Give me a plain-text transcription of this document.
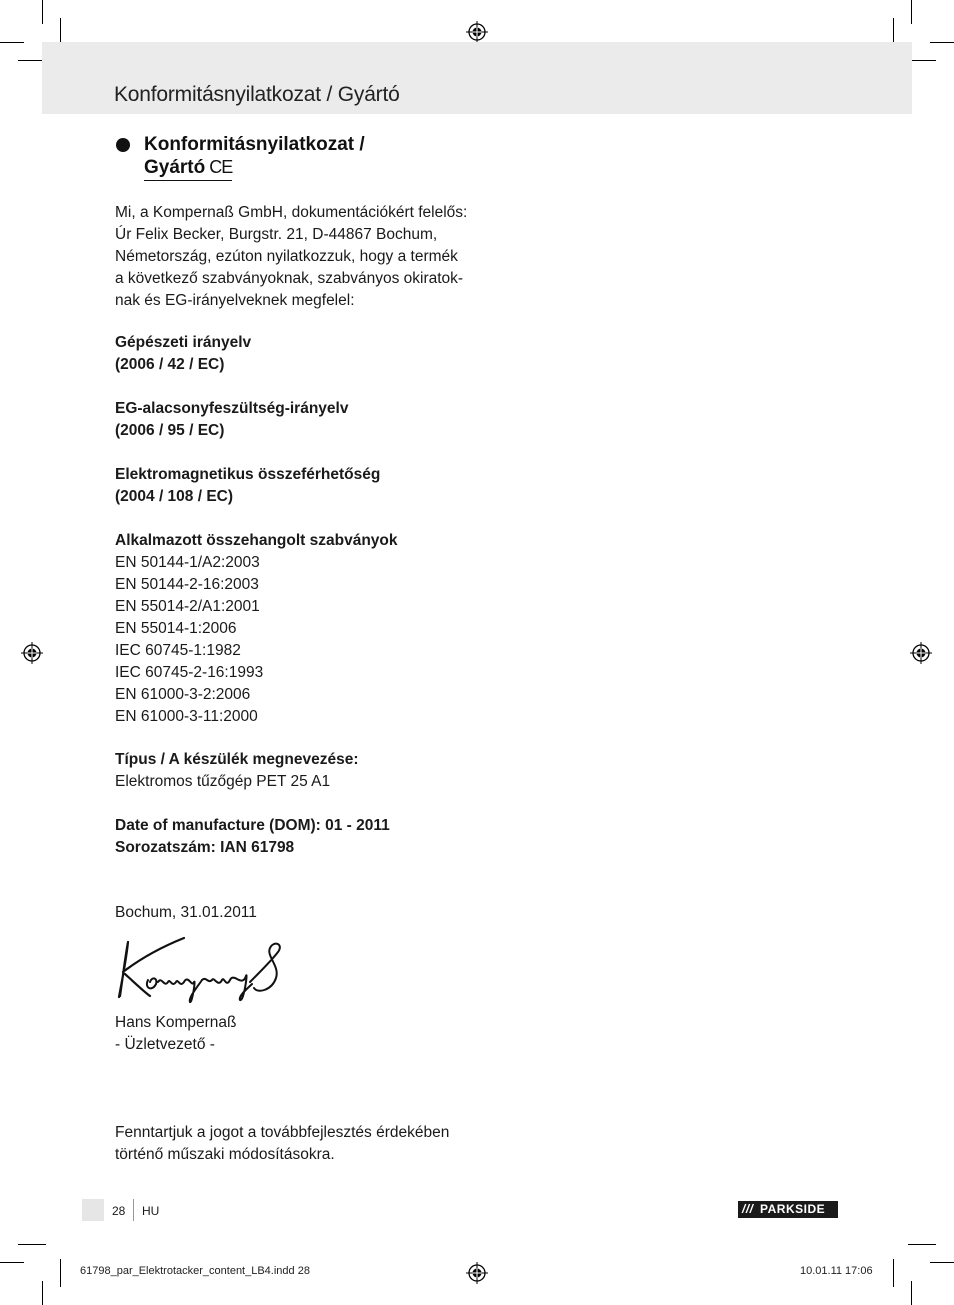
Konformitásnyilatkozat / Gyártó
Konformitásnyilatkozat /
Gyártó CE
Mi, a Kompernaß GmbH, dokumentációkért felelős:
Úr Felix Becker, Burgstr. 21, D-44867 Bochum,
Németország, ezúton nyilatkozzuk, hogy a termék
a következő szabványoknak, szabványos okiratok-
nak és EG-irányelveknek megfelel:
Gépészeti irányelv
(2006 / 42 / EC)
EG-alacsonyfeszültség-irányelv
(2006 / 95 / EC)
Elektromagnetikus összeférhetőség
(2004 / 108 / EC)
Alkalmazott összehangolt szabványok
EN 50144-1/A2:2003
EN 50144-2-16:2003
EN 55014-2/A1:2001
EN 55014-1:2006
IEC 60745-1:1982
IEC 60745-2-16:1993
EN 61000-3-2:2006
EN 61000-3-11:2000
Típus / A készülék megnevezése:
Elektromos tűzőgép PET 25 A1
Date of manufacture (DOM): 01 - 2011
Sorozatszám: IAN 61798
Bochum, 31.01.2011
Hans Kompernaß
- Üzletvezető -
Fenntartjuk a jogot a továbbfejlesztés érdekében
történő műszaki módosításokra.
28 HU	/// PARKSIDE
61798_par_Elektrotacker_content_LB4.indd 28	10.01.11 17:06
